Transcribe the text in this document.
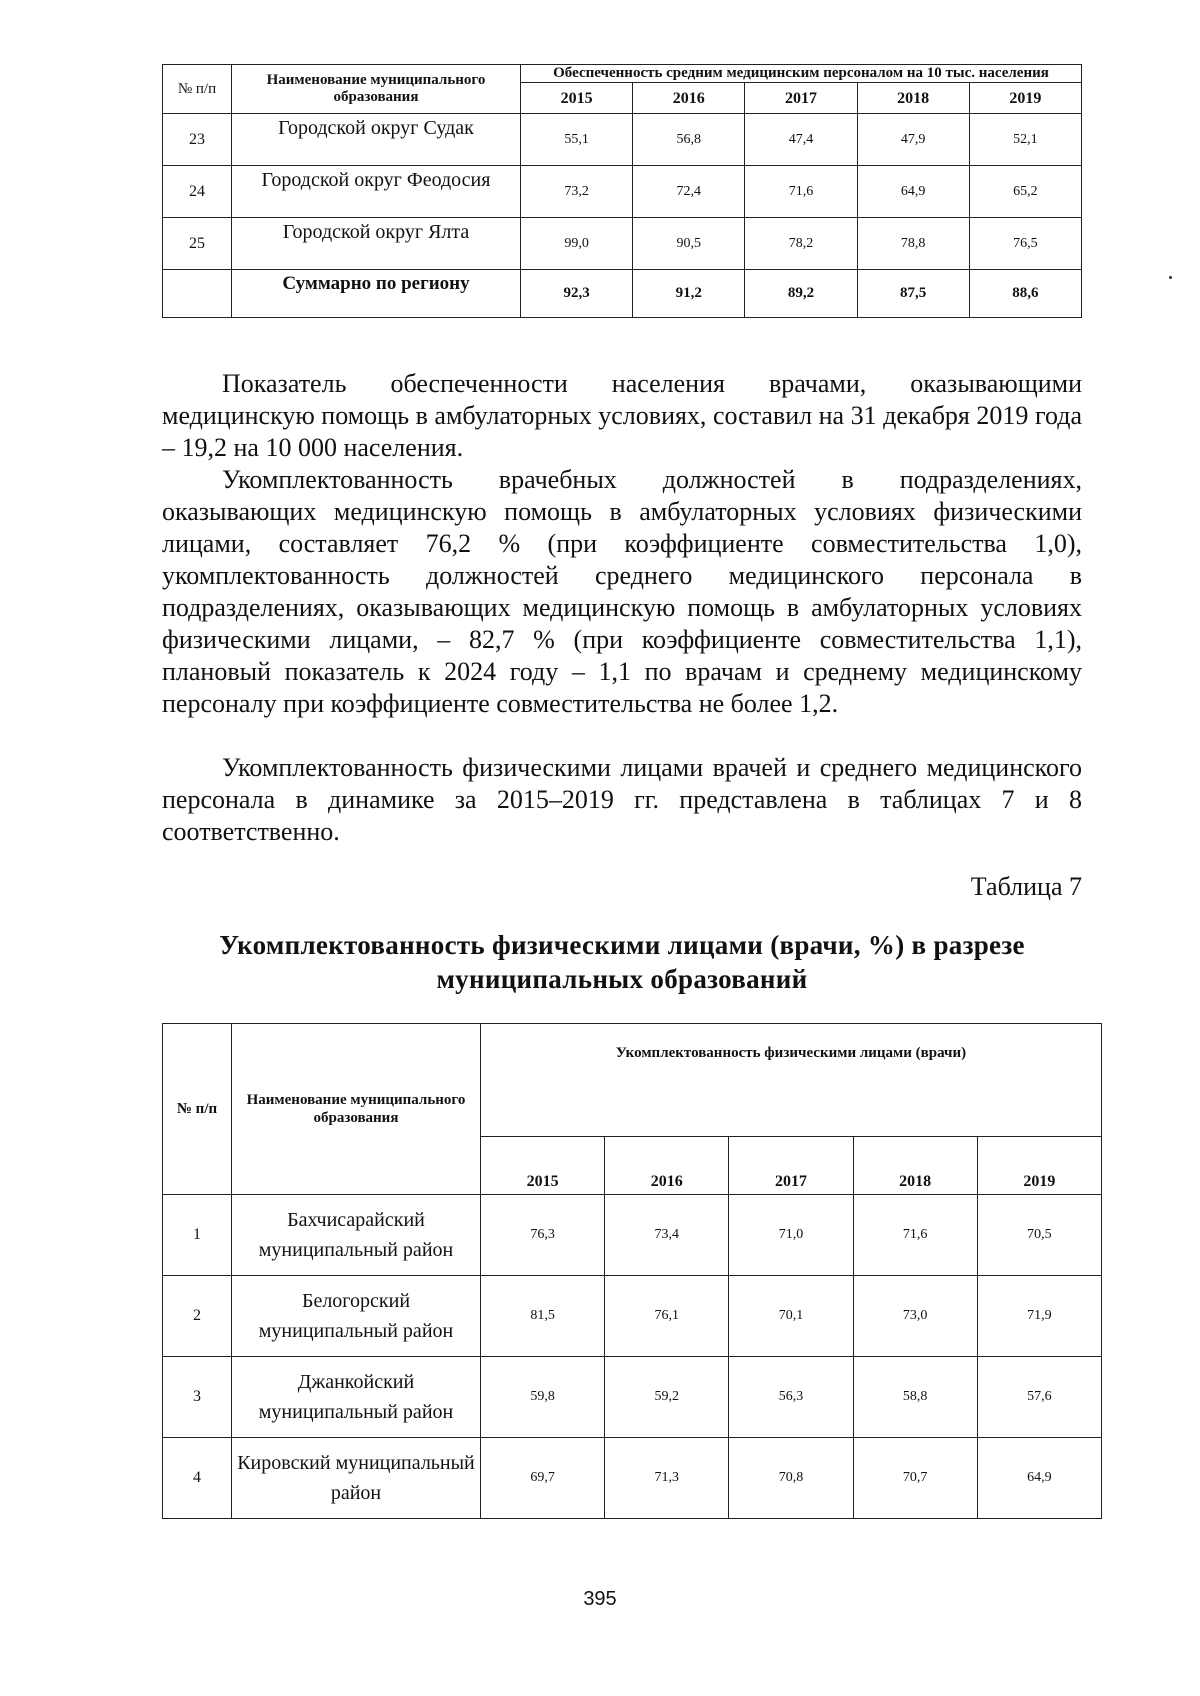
№ п/п	Наименование муниципального образования	Обеспеченность средним медицинским персоналом на 10 тыс. населения				
		2015	2016	2017	2018	2019
23	Городской округ Судак	55,1	56,8	47,4	47,9	52,1
24	Городской округ Феодосия	73,2	72,4	71,6	64,9	65,2
25	Городской округ Ялта	99,0	90,5	78,2	78,8	76,5
	Суммарно по региону	92,3	91,2	89,2	87,5	88,6

Показатель обеспеченности населения врачами, оказывающими медицинскую помощь в амбулаторных условиях, составил на 31 декабря 2019 года – 19,2 на 10 000 населения.

Укомплектованность врачебных должностей в подразделениях, оказывающих медицинскую помощь в амбулаторных условиях физическими лицами, составляет 76,2 % (при коэффициенте совместительства 1,0), укомплектованность должностей среднего медицинского персонала в подразделениях, оказывающих медицинскую помощь в амбулаторных условиях физическими лицами, – 82,7 % (при коэффициенте совместительства 1,1), плановый показатель к 2024 году – 1,1 по врачам и среднему медицинскому персоналу при коэффициенте совместительства не более 1,2.

Укомплектованность физическими лицами врачей и среднего медицинского персонала в динамике за 2015–2019 гг. представлена в таблицах 7 и 8 соответственно.

Таблица 7

Укомплектованность физическими лицами (врачи, %) в разрезе муниципальных образований

№ п/п	Наименование муниципального образования	Укомплектованность физическими лицами (врачи)				
		2015	2016	2017	2018	2019
1	Бахчисарайский муниципальный район	76,3	73,4	71,0	71,6	70,5
2	Белогорский муниципальный район	81,5	76,1	70,1	73,0	71,9
3	Джанкойский муниципальный район	59,8	59,2	56,3	58,8	57,6
4	Кировский муниципальный район	69,7	71,3	70,8	70,7	64,9

395
